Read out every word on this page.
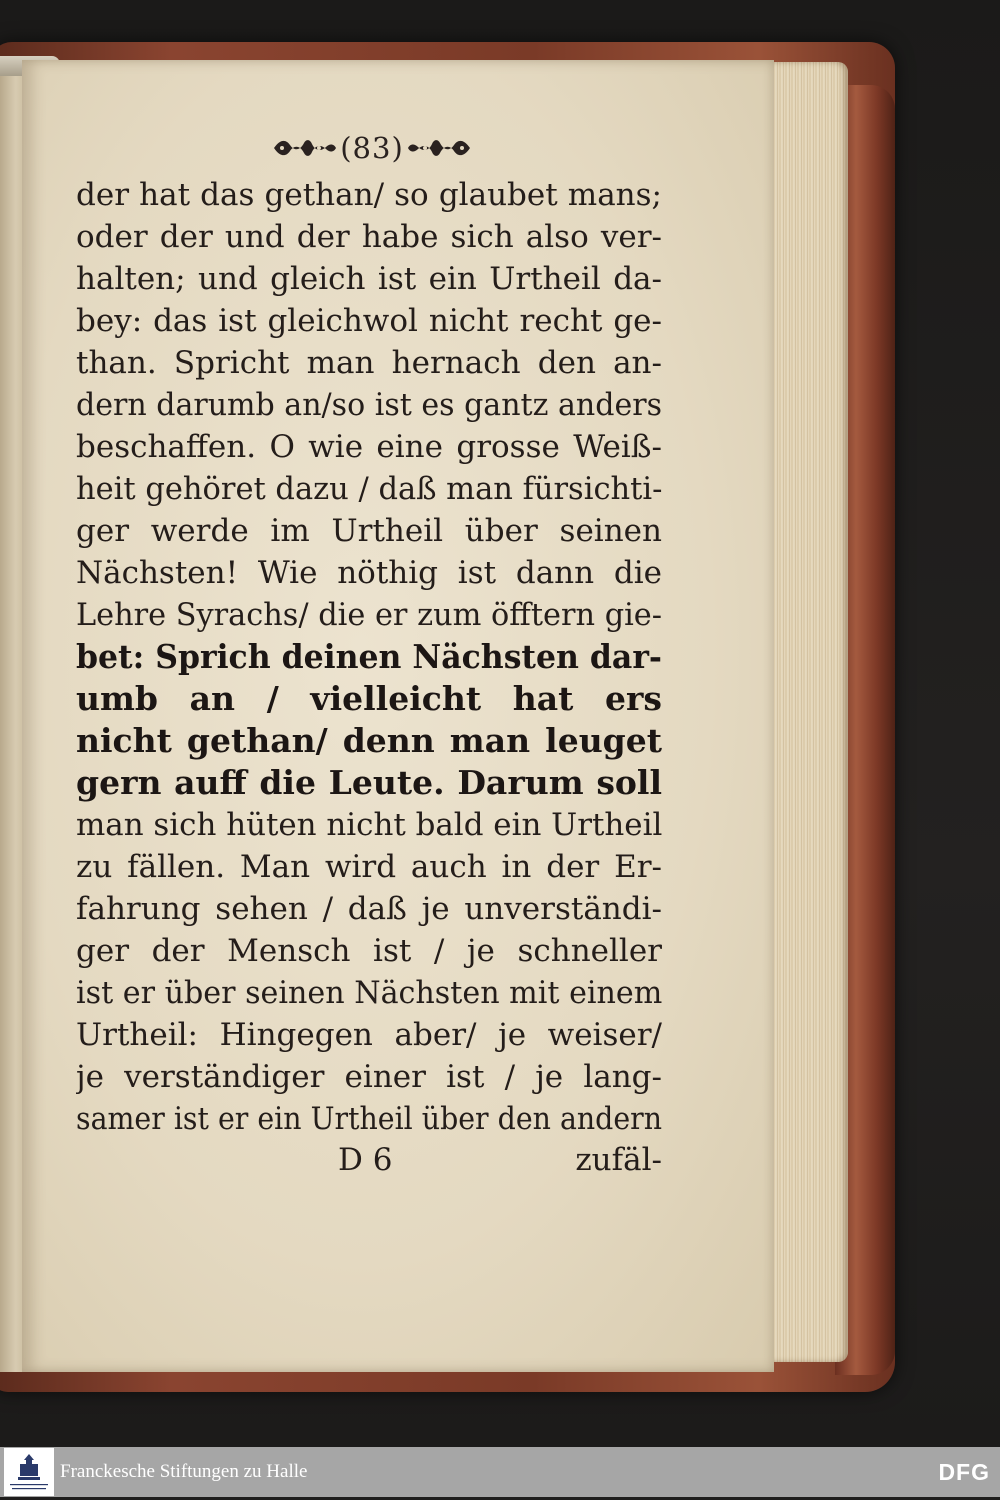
(83)
der hat das gethan/ so glaubet mans;
oder der und der habe sich also ver-
halten; und gleich ist ein Urtheil da-
bey: das ist gleichwol nicht recht ge-
than. Spricht man hernach den an-
dern darumb an/so ist es gantz anders
beschaffen. O wie eine grosse Weiß-
heit gehöret dazu / daß man fürsichti-
ger werde im Urtheil über seinen
Nächsten! Wie nöthig ist dann die
Lehre Syrachs/ die er zum öfftern gie-
bet: Sprich deinen Nächsten dar-
umb an / vielleicht hat ers
nicht gethan/ denn man leuget
gern auff die Leute. Darum soll
man sich hüten nicht bald ein Urtheil
zu fällen. Man wird auch in der Er-
fahrung sehen / daß je unverständi-
ger der Mensch ist / je schneller
ist er über seinen Nächsten mit einem
Urtheil: Hingegen aber/ je weiser/
je verständiger einer ist / je lang-
samer ist er ein Urtheil über den andern
D 6	zufäl-
Franckesche Stiftungen zu Halle	DFG
